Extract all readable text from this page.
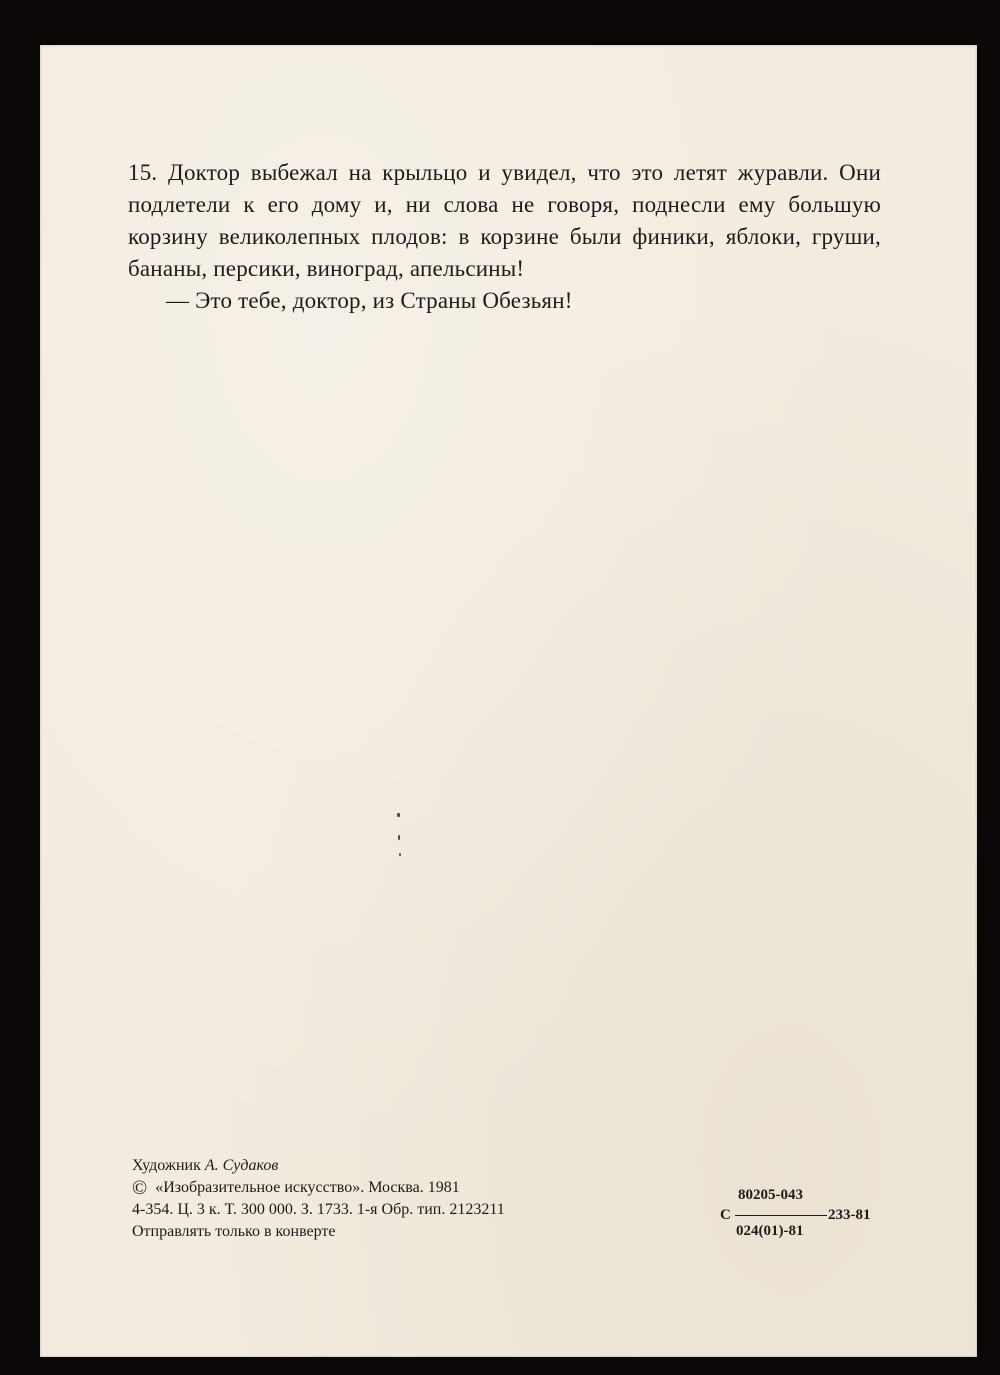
15. Доктор выбежал на крыльцо и увидел, что это летят журавли. Они подлетели к его дому и, ни слова не говоря, поднесли ему большую корзину великолепных плодов: в корзине были финики, яблоки, груши, бананы, персики, виноград, апельсины!

— Это тебе, доктор, из Страны Обезьян!

Художник А. Судаков
© «Изобразительное искусство». Москва. 1981
4-354. Ц. 3 к. Т. 300 000. З. 1733. 1-я Обр. тип. 2123211
Отправлять только в конверте
С
80205-043
024(01)-81
233-81
